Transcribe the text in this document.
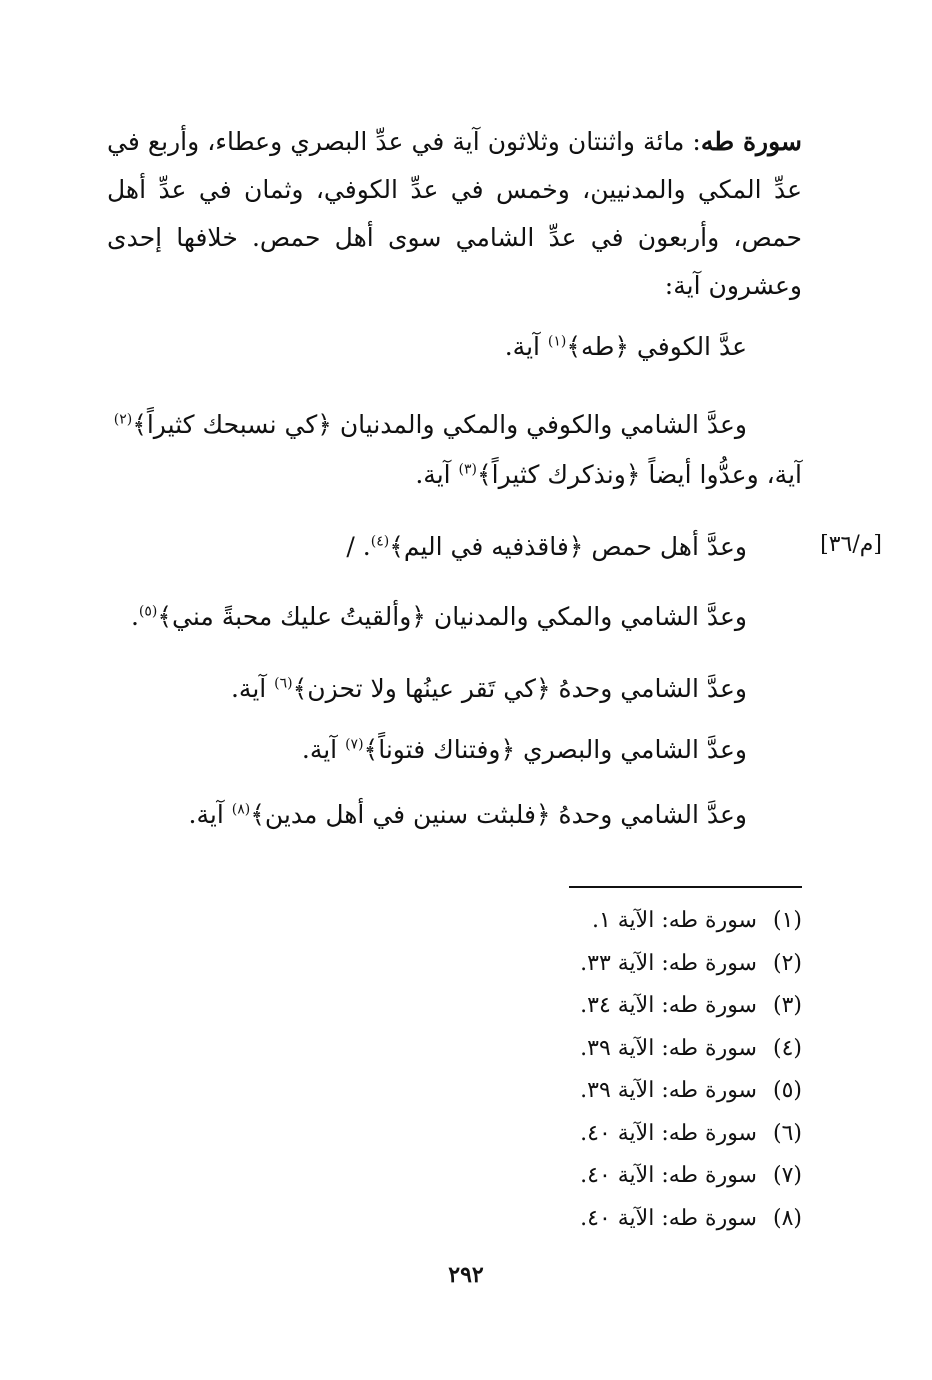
سورة طه: مائة واثنتان وثلاثون آية في عدِّ البصري وعطاء، وأربع في عدِّ المكي والمدنيين، وخمس في عدِّ الكوفي، وثمان في عدِّ أهل حمص، وأربعون في عدِّ الشامي سوى أهل حمص. خلافها إحدى وعشرون آية:
عدَّ الكوفي ﴿طه﴾$^{(١)}$ آية.
وعدَّ الشامي والكوفي والمكي والمدنيان ﴿كي نسبحك كثيراً﴾$^{(٢)}$
آية، وعدُّوا أيضاً ﴿ونذكرك كثيراً﴾$^{(٣)}$ آية.
وعدَّ أهل حمص ﴿فاقذفيه في اليم﴾$^{(٤)}$. /	[م/٣٦]
وعدَّ الشامي والمكي والمدنيان ﴿وألقيتُ عليك محبةً مني﴾$^{(٥)}$.
وعدَّ الشامي وحدهُ ﴿كي تَقر عينُها ولا تحزن﴾$^{(٦)}$ آية.
وعدَّ الشامي والبصري ﴿وفتناك فتوناً﴾$^{(٧)}$ آية.
وعدَّ الشامي وحدهُ ﴿فلبثت سنين في أهل مدين﴾$^{(٨)}$ آية.
(١) سورة طه: الآية ١.
(٢) سورة طه: الآية ٣٣.
(٣) سورة طه: الآية ٣٤.
(٤) سورة طه: الآية ٣٩.
(٥) سورة طه: الآية ٣٩.
(٦) سورة طه: الآية ٤٠.
(٧) سورة طه: الآية ٤٠.
(٨) سورة طه: الآية ٤٠.
٢٩٢
